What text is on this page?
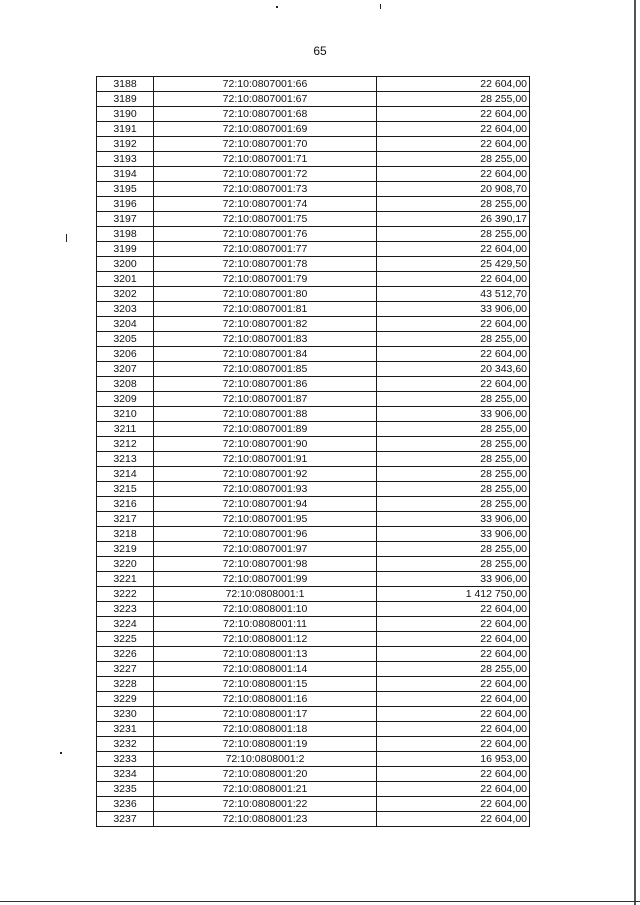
65
3188	72:10:0807001:66	22 604,00
3189	72:10:0807001:67	28 255,00
3190	72:10:0807001:68	22 604,00
3191	72:10:0807001:69	22 604,00
3192	72:10:0807001:70	22 604,00
3193	72:10:0807001:71	28 255,00
3194	72:10:0807001:72	22 604,00
3195	72:10:0807001:73	20 908,70
3196	72:10:0807001:74	28 255,00
3197	72:10:0807001:75	26 390,17
3198	72:10:0807001:76	28 255,00
3199	72:10:0807001:77	22 604,00
3200	72:10:0807001:78	25 429,50
3201	72:10:0807001:79	22 604,00
3202	72:10:0807001:80	43 512,70
3203	72:10:0807001:81	33 906,00
3204	72:10:0807001:82	22 604,00
3205	72:10:0807001:83	28 255,00
3206	72:10:0807001:84	22 604,00
3207	72:10:0807001:85	20 343,60
3208	72:10:0807001:86	22 604,00
3209	72:10:0807001:87	28 255,00
3210	72:10:0807001:88	33 906,00
3211	72:10:0807001:89	28 255,00
3212	72:10:0807001:90	28 255,00
3213	72:10:0807001:91	28 255,00
3214	72:10:0807001:92	28 255,00
3215	72:10:0807001:93	28 255,00
3216	72:10:0807001:94	28 255,00
3217	72:10:0807001:95	33 906,00
3218	72:10:0807001:96	33 906,00
3219	72:10:0807001:97	28 255,00
3220	72:10:0807001:98	28 255,00
3221	72:10:0807001:99	33 906,00
3222	72:10:0808001:1	1 412 750,00
3223	72:10:0808001:10	22 604,00
3224	72:10:0808001:11	22 604,00
3225	72:10:0808001:12	22 604,00
3226	72:10:0808001:13	22 604,00
3227	72:10:0808001:14	28 255,00
3228	72:10:0808001:15	22 604,00
3229	72:10:0808001:16	22 604,00
3230	72:10:0808001:17	22 604,00
3231	72:10:0808001:18	22 604,00
3232	72:10:0808001:19	22 604,00
3233	72:10:0808001:2	16 953,00
3234	72:10:0808001:20	22 604,00
3235	72:10:0808001:21	22 604,00
3236	72:10:0808001:22	22 604,00
3237	72:10:0808001:23	22 604,00
